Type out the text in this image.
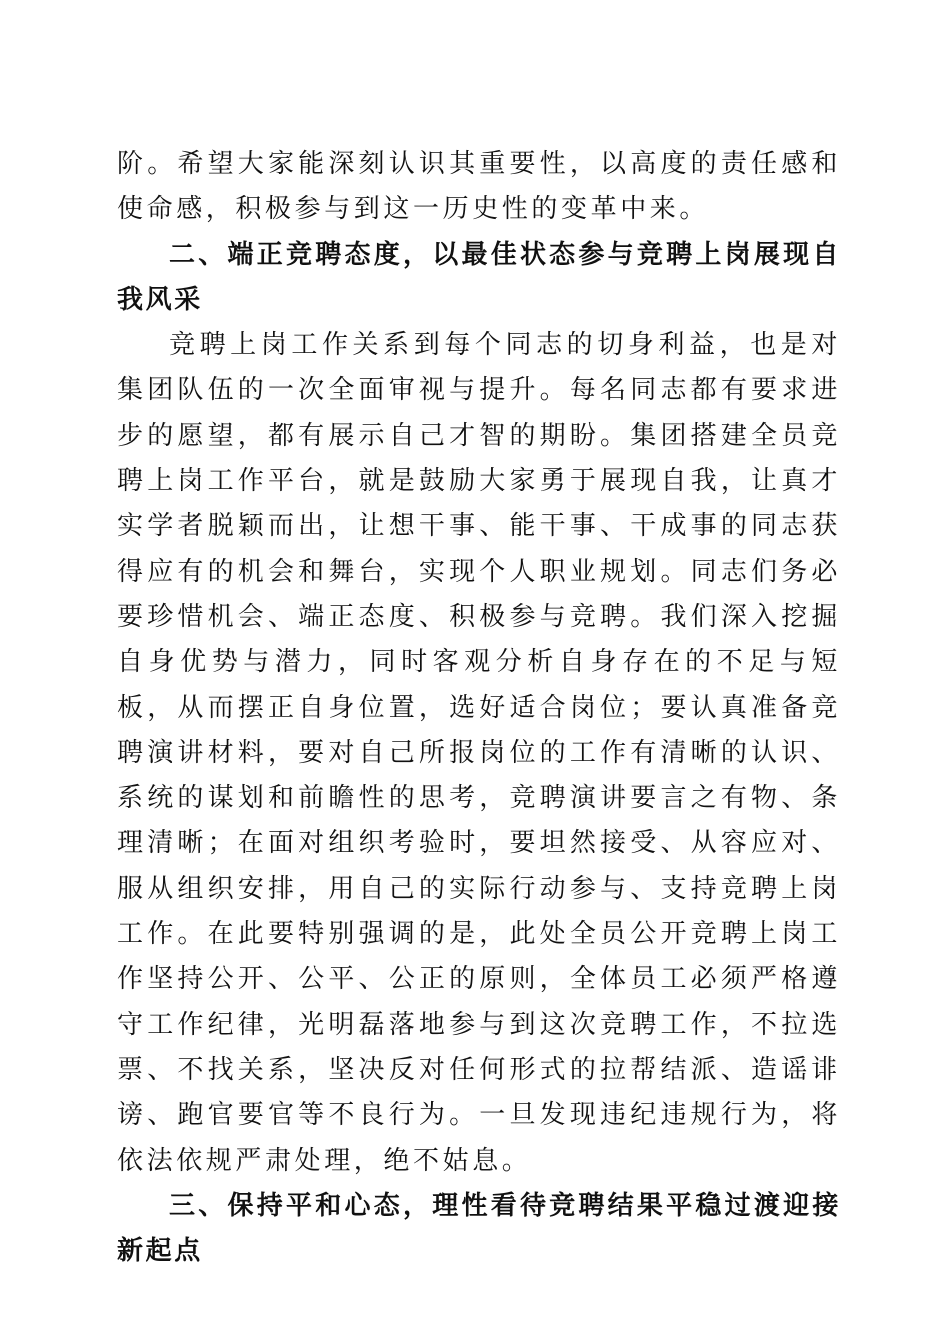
阶。希望大家能深刻认识其重要性，以高度的责任感和使命感，积极参与到这一历史性的变革中来。

二、端正竞聘态度，以最佳状态参与竞聘上岗展现自我风采

竞聘上岗工作关系到每个同志的切身利益，也是对集团队伍的一次全面审视与提升。每名同志都有要求进步的愿望，都有展示自己才智的期盼。集团搭建全员竞聘上岗工作平台，就是鼓励大家勇于展现自我，让真才实学者脱颖而出，让想干事、能干事、干成事的同志获得应有的机会和舞台，实现个人职业规划。同志们务必要珍惜机会、端正态度、积极参与竞聘。我们深入挖掘自身优势与潜力，同时客观分析自身存在的不足与短板，从而摆正自身位置，选好适合岗位；要认真准备竞聘演讲材料，要对自己所报岗位的工作有清晰的认识、系统的谋划和前瞻性的思考，竞聘演讲要言之有物、条理清晰；在面对组织考验时，要坦然接受、从容应对、服从组织安排，用自己的实际行动参与、支持竞聘上岗工作。在此要特别强调的是，此处全员公开竞聘上岗工作坚持公开、公平、公正的原则，全体员工必须严格遵守工作纪律，光明磊落地参与到这次竞聘工作，不拉选票、不找关系，坚决反对任何形式的拉帮结派、造谣诽谤、跑官要官等不良行为。一旦发现违纪违规行为，将依法依规严肃处理，绝不姑息。

三、保持平和心态，理性看待竞聘结果平稳过渡迎接新起点
